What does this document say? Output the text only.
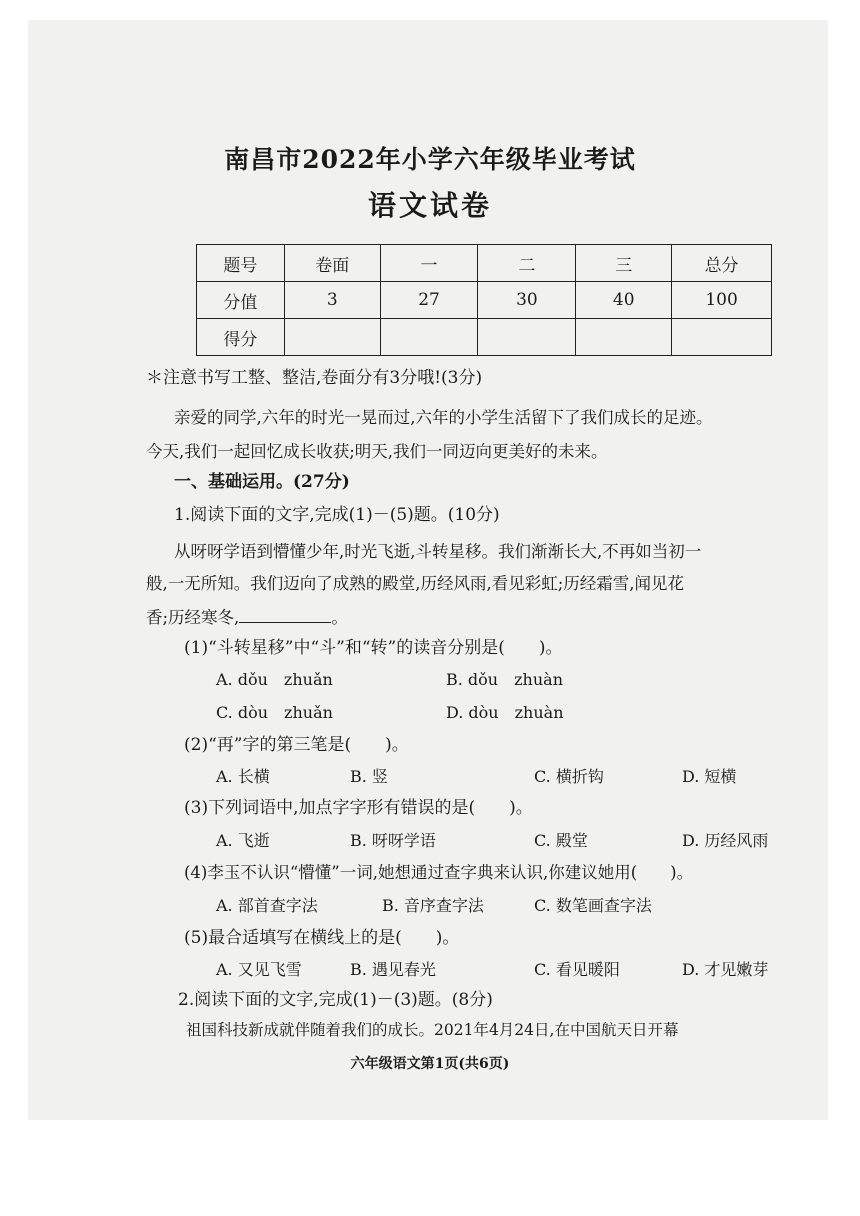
南昌市2022年小学六年级毕业考试
语文试卷
题号	卷面	一	二	三	总分
分值	3	27	30	40	100
得分					
＊注意书写工整、整洁,卷面分有3分哦!(3分)
亲爱的同学,六年的时光一晃而过,六年的小学生活留下了我们成长的足迹。
今天,我们一起回忆成长收获;明天,我们一同迈向更美好的未来。
一、基础运用。(27分)
1.阅读下面的文字,完成(1)－(5)题。(10分)
从呀呀学语到懵懂少年,时光飞逝,斗转星移。我们渐渐长大,不再如当初一
般,一无所知。我们迈向了成熟的殿堂,历经风雨,看见彩虹;历经霜雪,闻见花
香;历经寒冬,	。
(1)“斗转星移”中“斗”和“转”的读音分别是(　　)。
A. dǒu　zhuǎn	B. dǒu　zhuàn
C. dòu　zhuǎn	D. dòu　zhuàn
(2)“再”字的第三笔是(　　)。
A. 长横	B. 竖	C. 横折钩	D. 短横
(3)下列词语中,加点字字形有错误的是(　　)。
A. 飞逝	B. 呀呀学语	C. 殿堂	D. 历经风雨
(4)李玉不认识“懵懂”一词,她想通过查字典来认识,你建议她用(　　)。
A. 部首查字法	B. 音序查字法	C. 数笔画查字法
(5)最合适填写在横线上的是(　　)。
A. 又见飞雪	B. 遇见春光	C. 看见暖阳	D. 才见嫩芽
2.阅读下面的文字,完成(1)－(3)题。(8分)
祖国科技新成就伴随着我们的成长。2021年4月24日,在中国航天日开幕
六年级语文第1页(共6页)
